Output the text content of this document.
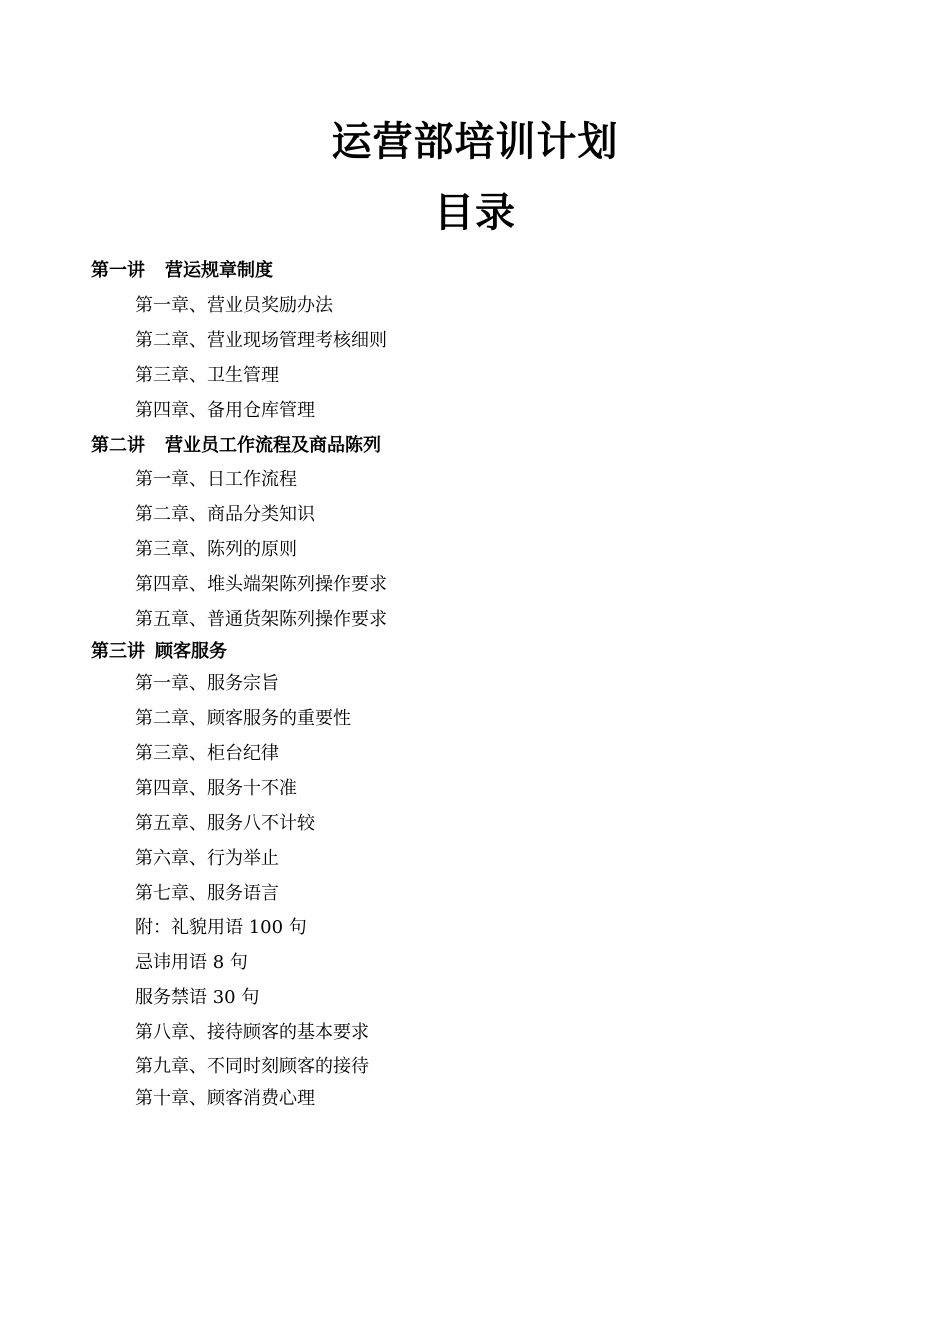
运营部培训计划
目录
第一讲 营运规章制度
第一章、营业员奖励办法
第二章、营业现场管理考核细则
第三章、卫生管理
第四章、备用仓库管理
第二讲 营业员工作流程及商品陈列
第一章、日工作流程
第二章、商品分类知识
第三章、陈列的原则
第四章、堆头端架陈列操作要求
第五章、普通货架陈列操作要求
第三讲 顾客服务
第一章、服务宗旨
第二章、顾客服务的重要性
第三章、柜台纪律
第四章、服务十不准
第五章、服务八不计较
第六章、行为举止
第七章、服务语言
附：礼貌用语 100 句
忌讳用语 8 句
服务禁语 30 句
第八章、接待顾客的基本要求
第九章、不同时刻顾客的接待
第十章、顾客消费心理
